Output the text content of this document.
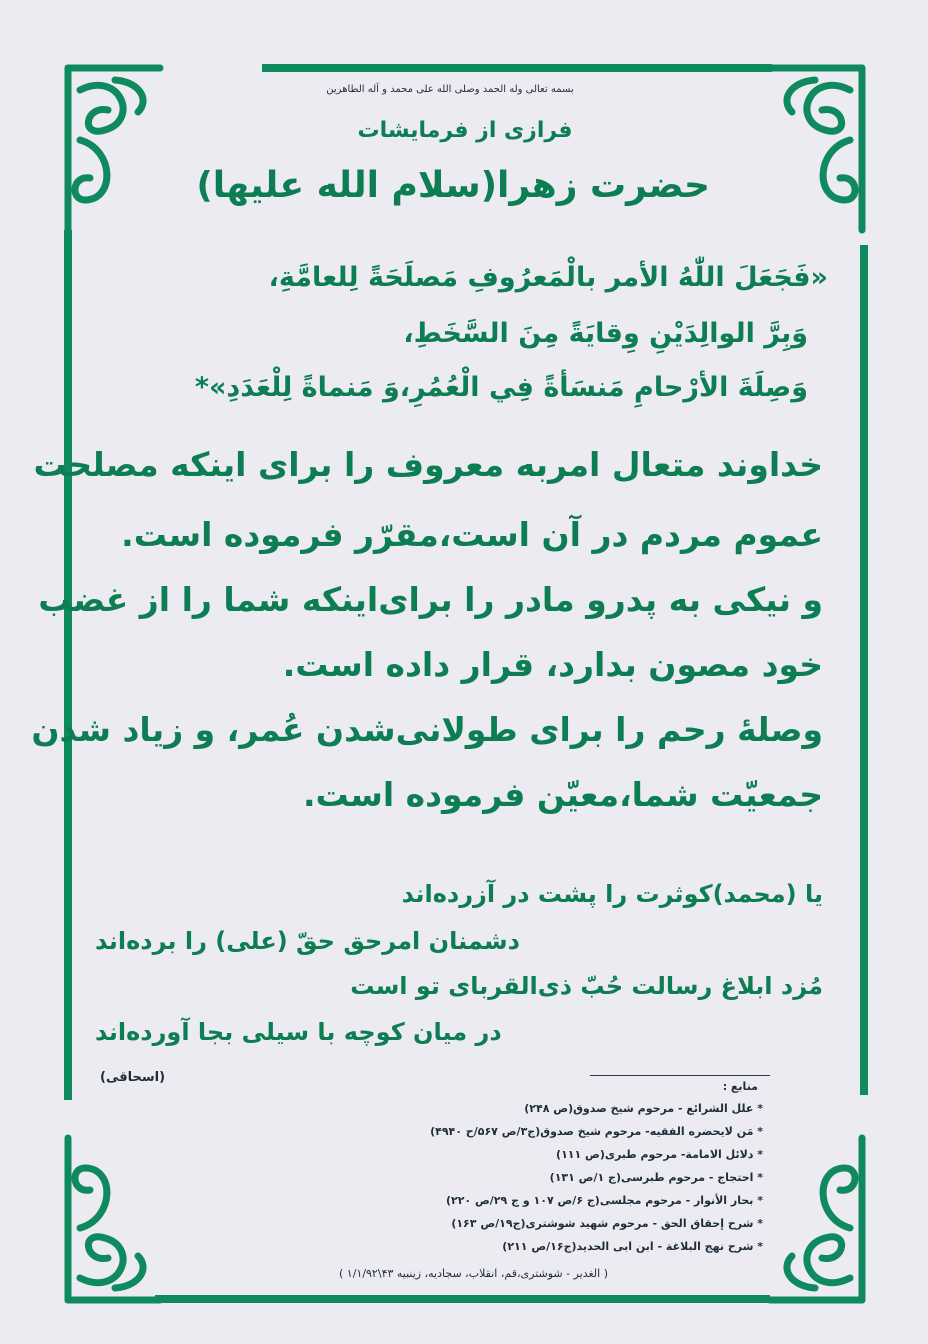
بسمه تعالى وله الحمد وصلى الله على محمد و آله الطاهرين
فرازی از فرمایشات
حضرت زهرا(سلام الله علیها)
«فَجَعَلَ اللّٰهُ الأمر بالْمَعرُوفِ مَصلَحَةً لِلعامَّةِ،
وَبِرَّ الوالِدَيْنِ وِقايَةً مِنَ السَّخَطِ،
وَصِلَةَ الأرْحامِ مَنسَأةً فِي الْعُمُرِ،وَ مَنماةً لِلْعَدَدِ»*
خداوند متعال امربه معروف را برای اینکه مصلحت
عموم مردم در آن است،مقرّر فرموده است.
و نیکی به پدرو مادر را برای‌اینکه شما را از غضب
خود مصون بدارد، قرار داده است.
وصلهٔ رحم را برای طولانی‌شدن عُمر، و زیاد شدن
جمعیّت شما،معیّن فرموده است.
یا (محمد)کوثرت را پشت در آزرده‌اند
دشمنان امرحق حقّ (علی) را برده‌اند
مُزد ابلاغ رسالت حُبّ ذی‌القربای تو است
در میان کوچه با سیلی بجا آورده‌اند
(اسحاقی)
منابع :
* علل الشرائع - مرحوم شیخ صدوق(ص ۲۴۸)
* مَن لایحضره الفقیه- مرحوم شیخ صدوق(ج۳/ص ۵۶۷/ح ۴۹۴۰)
* دلائل الامامة- مرحوم طبری(ص ۱۱۱)
* احتجاج - مرحوم طبرسی(ج ۱/ص ۱۳۱)
* بحار الأنوار - مرحوم مجلسی(ج ۶/ص ۱۰۷ و ج ۲۹/ص ۲۲۰)
* شرح إحقاق الحق - مرحوم شهید شوشتری(ج۱۹/ص ۱۶۳)
* شرح نهج البلاغة - ابن ابی الحدید(ج۱۶/ص ۲۱۱)
( الغدیر - شوشتری،قم، انقلاب، سجادیه، زینبیه ۴۳\۱/۱/۹۲ )
